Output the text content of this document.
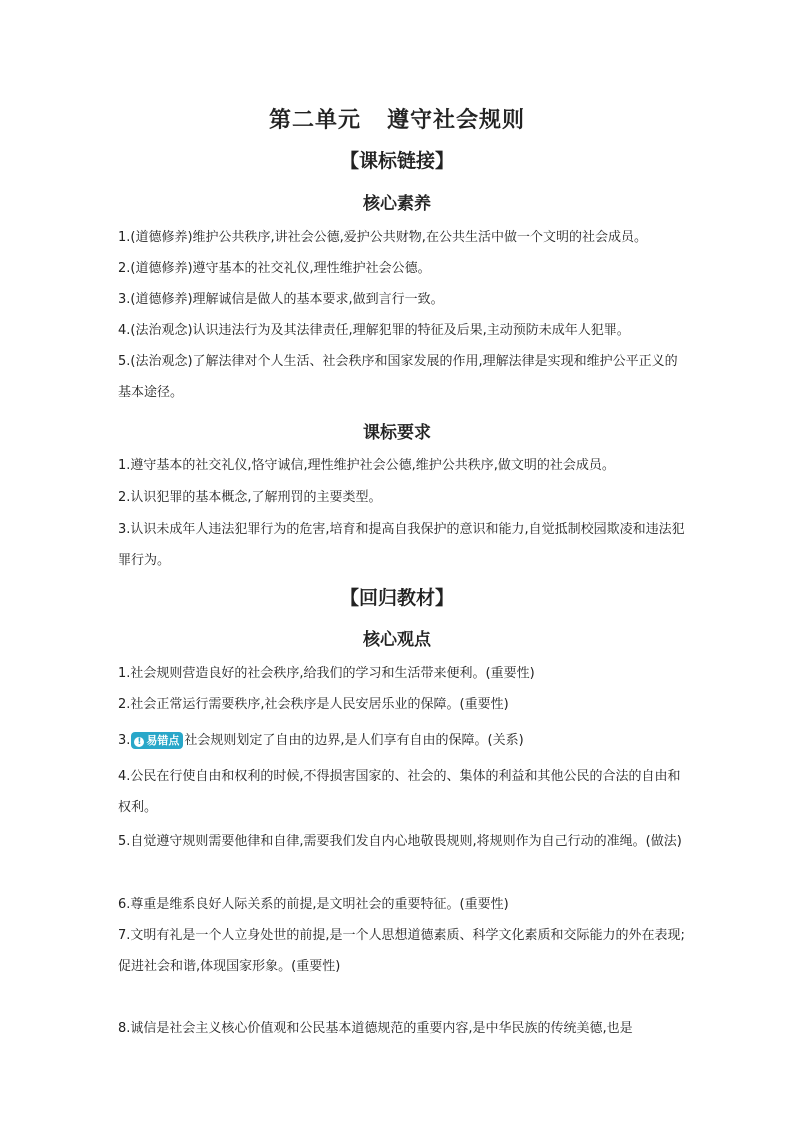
第二单元 遵守社会规则
【课标链接】
核心素养
1.(道德修养)维护公共秩序,讲社会公德,爱护公共财物,在公共生活中做一个文明的社会成员。
2.(道德修养)遵守基本的社交礼仪,理性维护社会公德。
3.(道德修养)理解诚信是做人的基本要求,做到言行一致。
4.(法治观念)认识违法行为及其法律责任,理解犯罪的特征及后果,主动预防未成年人犯罪。
5.(法治观念)了解法律对个人生活、社会秩序和国家发展的作用,理解法律是实现和维护公平正义的基本途径。
课标要求
1.遵守基本的社交礼仪,恪守诚信,理性维护社会公德,维护公共秩序,做文明的社会成员。
2.认识犯罪的基本概念,了解刑罚的主要类型。
3.认识未成年人违法犯罪行为的危害,培育和提高自我保护的意识和能力,自觉抵制校园欺凌和违法犯罪行为。
【回归教材】
核心观点
1.社会规则营造良好的社会秩序,给我们的学习和生活带来便利。(重要性)
2.社会正常运行需要秩序,社会秩序是人民安居乐业的保障。(重要性)
3. ! 易错点 社会规则划定了自由的边界,是人们享有自由的保障。(关系)
4.公民在行使自由和权利的时候,不得损害国家的、社会的、集体的利益和其他公民的合法的自由和权利。
5.自觉遵守规则需要他律和自律,需要我们发自内心地敬畏规则,将规则作为自己行动的准绳。(做法)
6.尊重是维系良好人际关系的前提,是文明社会的重要特征。(重要性)
7.文明有礼是一个人立身处世的前提,是一个人思想道德素质、科学文化素质和交际能力的外在表现;促进社会和谐,体现国家形象。(重要性)
8.诚信是社会主义核心价值观和公民基本道德规范的重要内容,是中华民族的传统美德,也是
